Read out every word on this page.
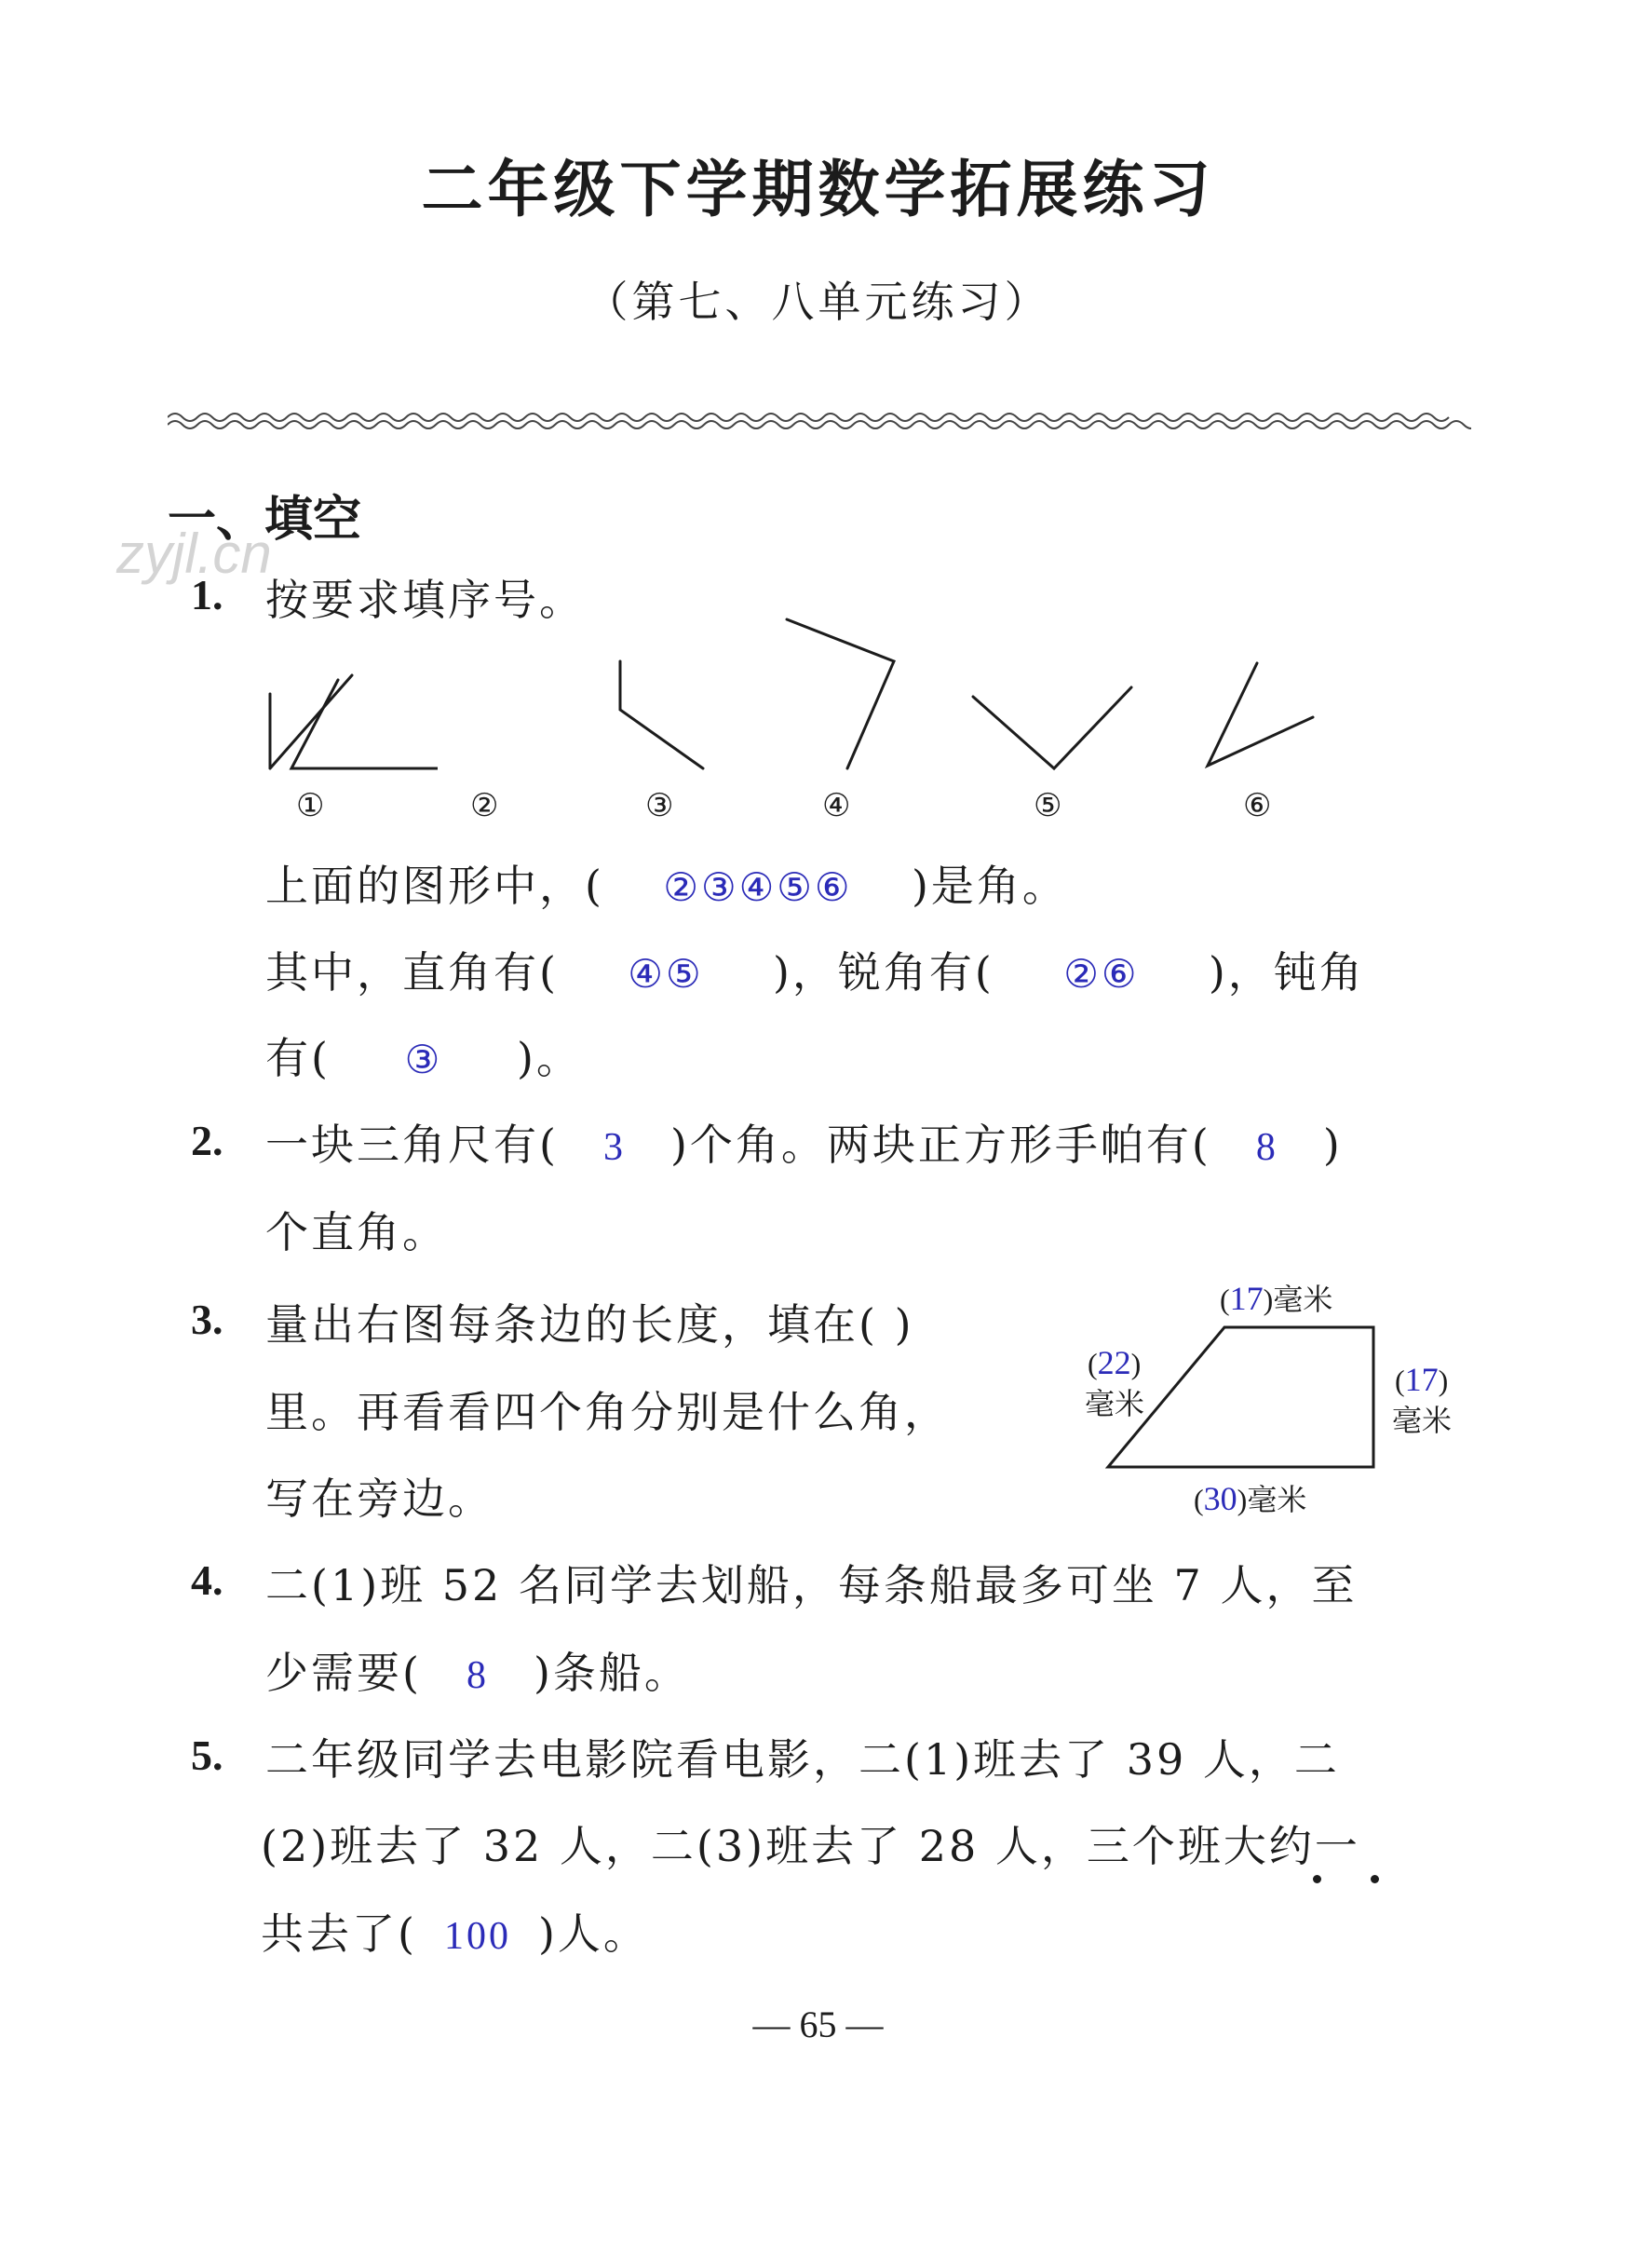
二年级下学期数学拓展练习
（第七、八单元练习）
一、填空
zyjl.cn
1. 按要求填序号。
①	②	③	④	⑤	⑥
上面的图形中，( ②③④⑤⑥ )是角。
其中，直角有( ④⑤ )，锐角有( ②⑥ )，钝角
有( ③ )。
2. 一块三角尺有( 3 )个角。两块正方形手帕有( 8 )
个直角。
3. 量出右图每条边的长度，填在( )
里。再看看四个角分别是什么角，
写在旁边。
(17)毫米
(22)
毫米
(17)
毫米
(30)毫米
4. 二(1)班 52 名同学去划船，每条船最多可坐 7 人，至
少需要( 8 )条船。
5. 二年级同学去电影院看电影，二(1)班去了 39 人，二
(2)班去了 32 人，二(3)班去了 28 人，三个班大约一
共去了( 100 )人。
— 65 —
